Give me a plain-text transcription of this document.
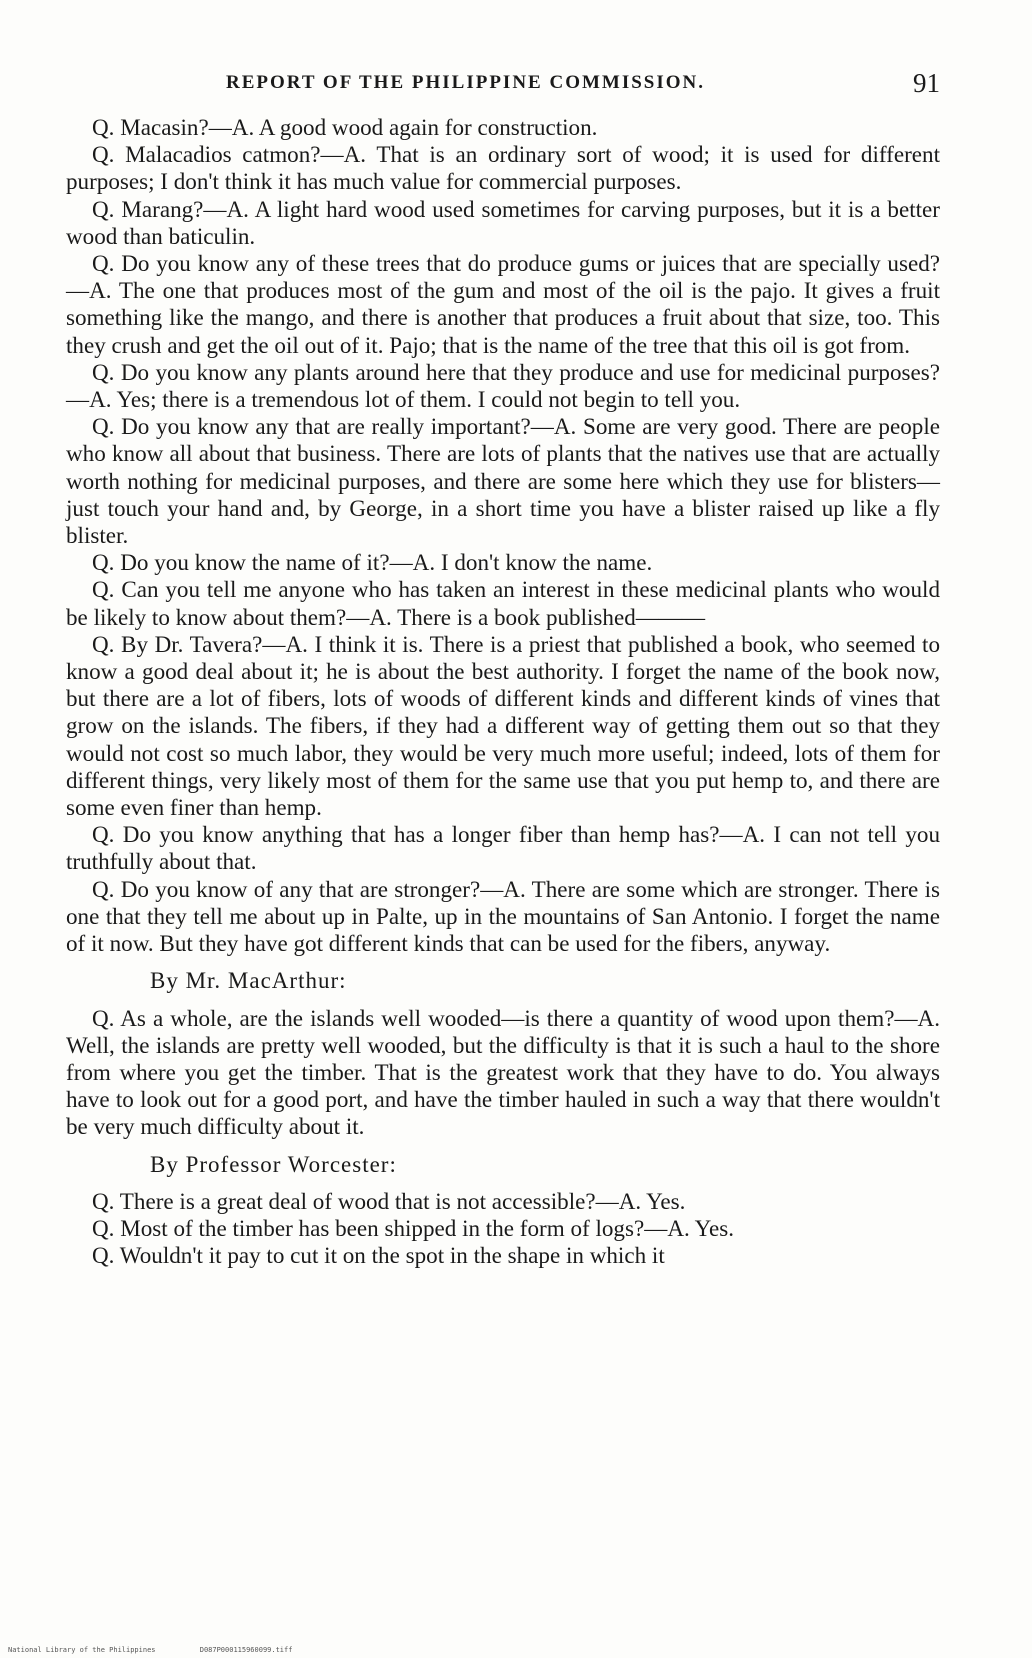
REPORT OF THE PHILIPPINE COMMISSION.	91

Q. Macasin?—A. A good wood again for construction.

Q. Malacadios catmon?—A. That is an ordinary sort of wood; it is used for different purposes; I don't think it has much value for commercial purposes.

Q. Marang?—A. A light hard wood used sometimes for carving purposes, but it is a better wood than baticulin.

Q. Do you know any of these trees that do produce gums or juices that are specially used?—A. The one that produces most of the gum and most of the oil is the pajo. It gives a fruit something like the mango, and there is another that produces a fruit about that size, too. This they crush and get the oil out of it. Pajo; that is the name of the tree that this oil is got from.

Q. Do you know any plants around here that they produce and use for medicinal purposes?—A. Yes; there is a tremendous lot of them. I could not begin to tell you.

Q. Do you know any that are really important?—A. Some are very good. There are people who know all about that business. There are lots of plants that the natives use that are actually worth nothing for medicinal purposes, and there are some here which they use for blisters—just touch your hand and, by George, in a short time you have a blister raised up like a fly blister.

Q. Do you know the name of it?—A. I don't know the name.

Q. Can you tell me anyone who has taken an interest in these medicinal plants who would be likely to know about them?—A. There is a book published———

Q. By Dr. Tavera?—A. I think it is. There is a priest that published a book, who seemed to know a good deal about it; he is about the best authority. I forget the name of the book now, but there are a lot of fibers, lots of woods of different kinds and different kinds of vines that grow on the islands. The fibers, if they had a different way of getting them out so that they would not cost so much labor, they would be very much more useful; indeed, lots of them for different things, very likely most of them for the same use that you put hemp to, and there are some even finer than hemp.

Q. Do you know anything that has a longer fiber than hemp has?—A. I can not tell you truthfully about that.

Q. Do you know of any that are stronger?—A. There are some which are stronger. There is one that they tell me about up in Palte, up in the mountains of San Antonio. I forget the name of it now. But they have got different kinds that can be used for the fibers, anyway.

By Mr. MacArthur:

Q. As a whole, are the islands well wooded—is there a quantity of wood upon them?—A. Well, the islands are pretty well wooded, but the difficulty is that it is such a haul to the shore from where you get the timber. That is the greatest work that they have to do. You always have to look out for a good port, and have the timber hauled in such a way that there wouldn't be very much difficulty about it.

By Professor Worcester:

Q. There is a great deal of wood that is not accessible?—A. Yes.

Q. Most of the timber has been shipped in the form of logs?—A. Yes.

Q. Wouldn't it pay to cut it on the spot in the shape in which it

National Library of the Philippines	D087P000115960099.tiff
